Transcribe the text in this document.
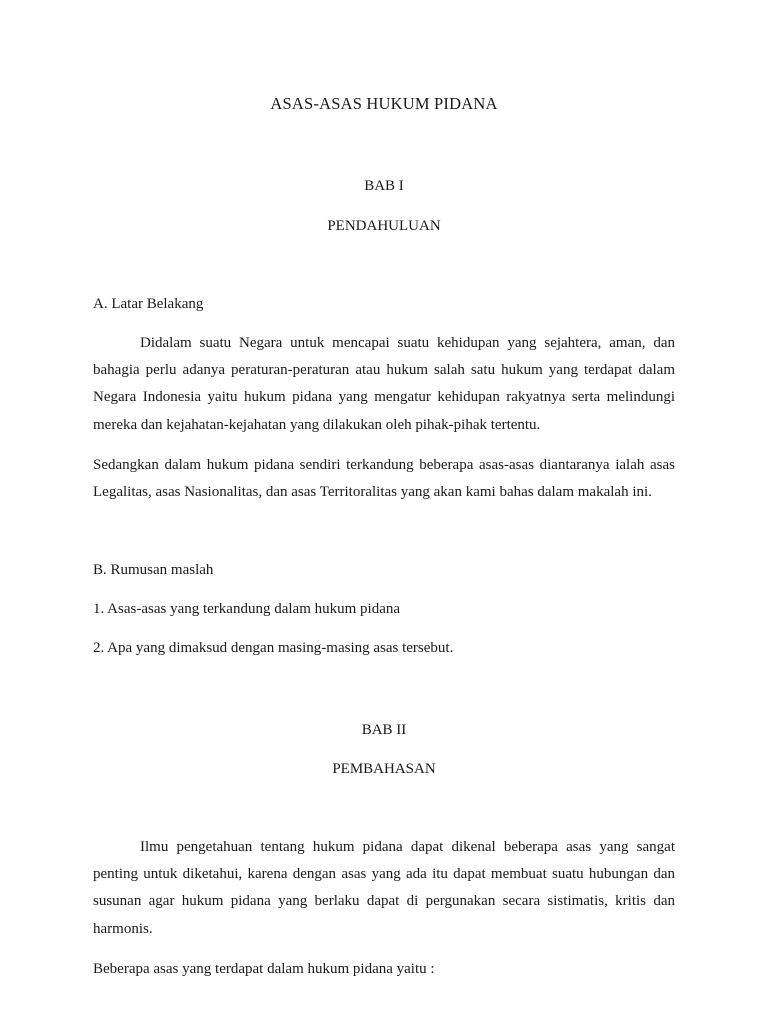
ASAS-ASAS HUKUM PIDANA

BAB I

PENDAHULUAN

A. Latar Belakang

Didalam suatu Negara untuk mencapai suatu kehidupan yang sejahtera, aman, dan
bahagia perlu adanya peraturan-peraturan atau hukum salah satu hukum yang terdapat dalam
Negara Indonesia yaitu hukum pidana yang mengatur kehidupan rakyatnya serta melindungi
mereka dan kejahatan-kejahatan yang dilakukan oleh pihak-pihak tertentu.
Sedangkan dalam hukum pidana sendiri terkandung beberapa asas-asas diantaranya ialah asas
Legalitas, asas Nasionalitas, dan asas Territoralitas yang akan kami bahas dalam makalah ini.

B. Rumusan maslah

1. Asas-asas yang terkandung dalam hukum pidana

2. Apa yang dimaksud dengan masing-masing asas tersebut.

BAB II

PEMBAHASAN

Ilmu pengetahuan tentang hukum pidana dapat dikenal beberapa asas yang sangat
penting untuk diketahui, karena dengan asas yang ada itu dapat membuat suatu hubungan dan
susunan agar hukum pidana yang berlaku dapat di pergunakan secara sistimatis, kritis dan
harmonis.

Beberapa asas yang terdapat dalam hukum pidana yaitu :
